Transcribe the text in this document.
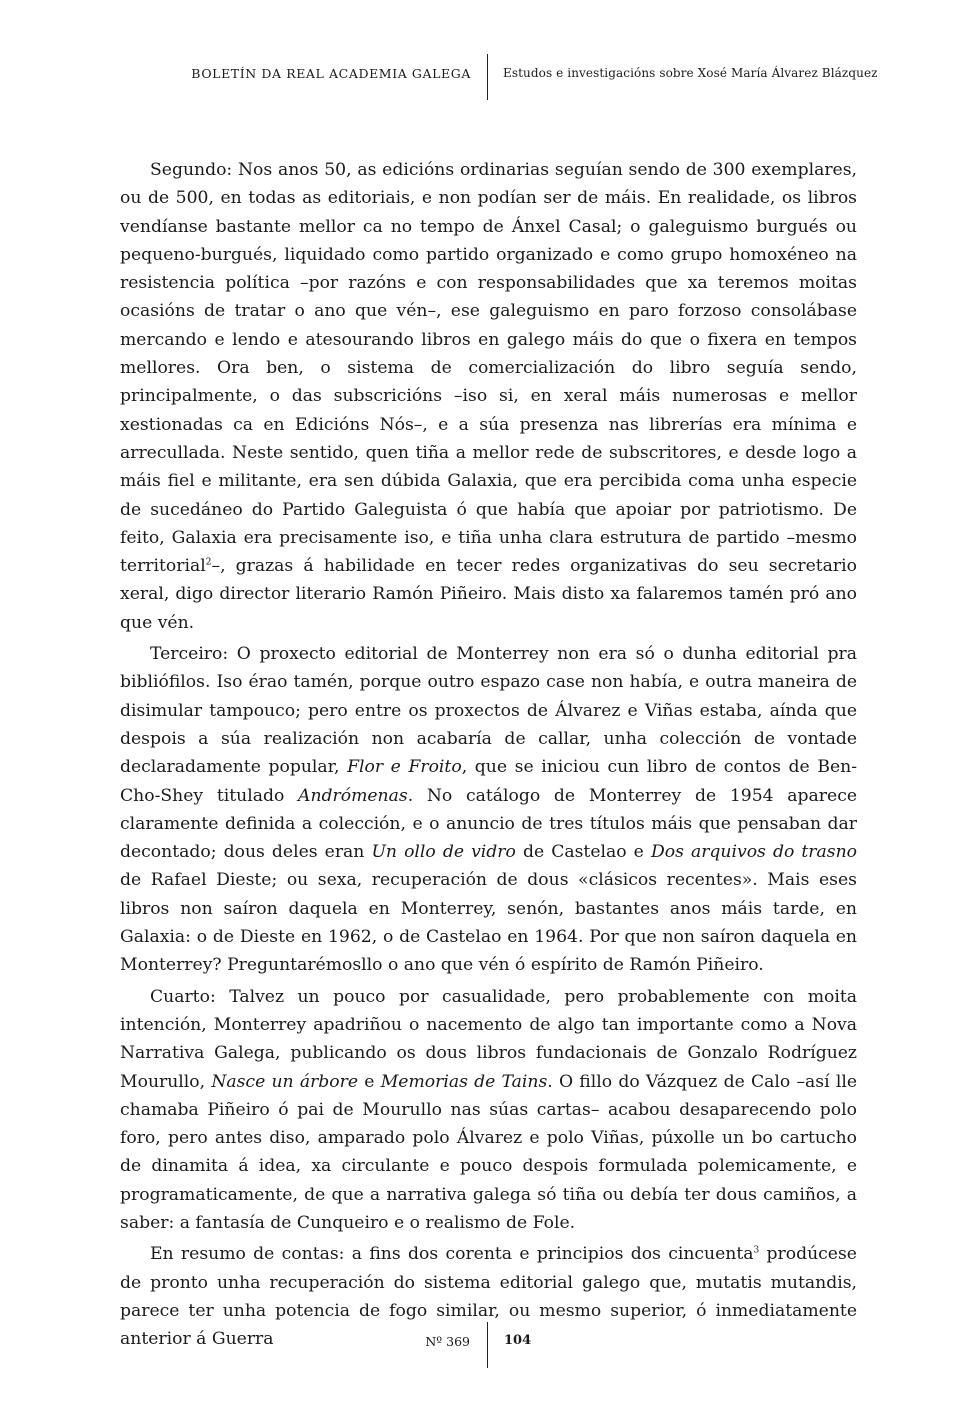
BOLETÍN DA REAL ACADEMIA GALEGA	Estudos e investigacións sobre Xosé María Álvarez Blázquez

Segundo: Nos anos 50, as edicións ordinarias seguían sendo de 300 exemplares, ou de 500, en todas as editoriais, e non podían ser de máis. En realidade, os libros vendíanse bastante mellor ca no tempo de Ánxel Casal; o galeguismo burgués ou pequeno-burgués, liquidado como partido organizado e como grupo homoxéneo na resistencia política –por razóns e con responsabilidades que xa teremos moitas ocasións de tratar o ano que vén–, ese galeguismo en paro forzoso consolábase mercando e lendo e atesourando libros en galego máis do que o fixera en tempos mellores. Ora ben, o sistema de comercialización do libro seguía sendo, principalmente, o das subscricións –iso si, en xeral máis numerosas e mellor xestionadas ca en Edicións Nós–, e a súa presenza nas librerías era mínima e arrecullada. Neste sentido, quen tiña a mellor rede de subscritores, e desde logo a máis fiel e militante, era sen dúbida Galaxia, que era percibida coma unha especie de sucedáneo do Partido Galeguista ó que había que apoiar por patriotismo. De feito, Galaxia era precisamente iso, e tiña unha clara estrutura de partido –mesmo territorial$^2$–, grazas á habilidade en tecer redes organizativas do seu secretario xeral, digo director literario Ramón Piñeiro. Mais disto xa falaremos tamén pró ano que vén.

Terceiro: O proxecto editorial de Monterrey non era só o dunha editorial pra bibliófilos. Iso érao tamén, porque outro espazo case non había, e outra maneira de disimular tampouco; pero entre os proxectos de Álvarez e Viñas estaba, aínda que despois a súa realización non acabaría de callar, unha colección de vontade declaradamente popular, Flor e Froito, que se iniciou cun libro de contos de Ben-Cho-Shey titulado Andrómenas. No catálogo de Monterrey de 1954 aparece claramente definida a colección, e o anuncio de tres títulos máis que pensaban dar decontado; dous deles eran Un ollo de vidro de Castelao e Dos arquivos do trasno de Rafael Dieste; ou sexa, recuperación de dous «clásicos recentes». Mais eses libros non saíron daquela en Monterrey, senón, bastantes anos máis tarde, en Galaxia: o de Dieste en 1962, o de Castelao en 1964. Por que non saíron daquela en Monterrey? Preguntarémosllo o ano que vén ó espírito de Ramón Piñeiro.

Cuarto: Talvez un pouco por casualidade, pero probablemente con moita intención, Monterrey apadriñou o nacemento de algo tan importante como a Nova Narrativa Galega, publicando os dous libros fundacionais de Gonzalo Rodríguez Mourullo, Nasce un árbore e Memorias de Tains. O fillo do Vázquez de Calo –así lle chamaba Piñeiro ó pai de Mourullo nas súas cartas– acabou desaparecendo polo foro, pero antes diso, amparado polo Álvarez e polo Viñas, púxolle un bo cartucho de dinamita á idea, xa circulante e pouco despois formulada polemicamente, e programaticamente, de que a narrativa galega só tiña ou debía ter dous camiños, a saber: a fantasía de Cunqueiro e o realismo de Fole.

En resumo de contas: a fins dos corenta e principios dos cincuenta$^3$ prodúcese de pronto unha recuperación do sistema editorial galego que, mutatis mutandis, parece ter unha potencia de fogo similar, ou mesmo superior, ó inmediatamente anterior á Guerra	Nº 369	104
